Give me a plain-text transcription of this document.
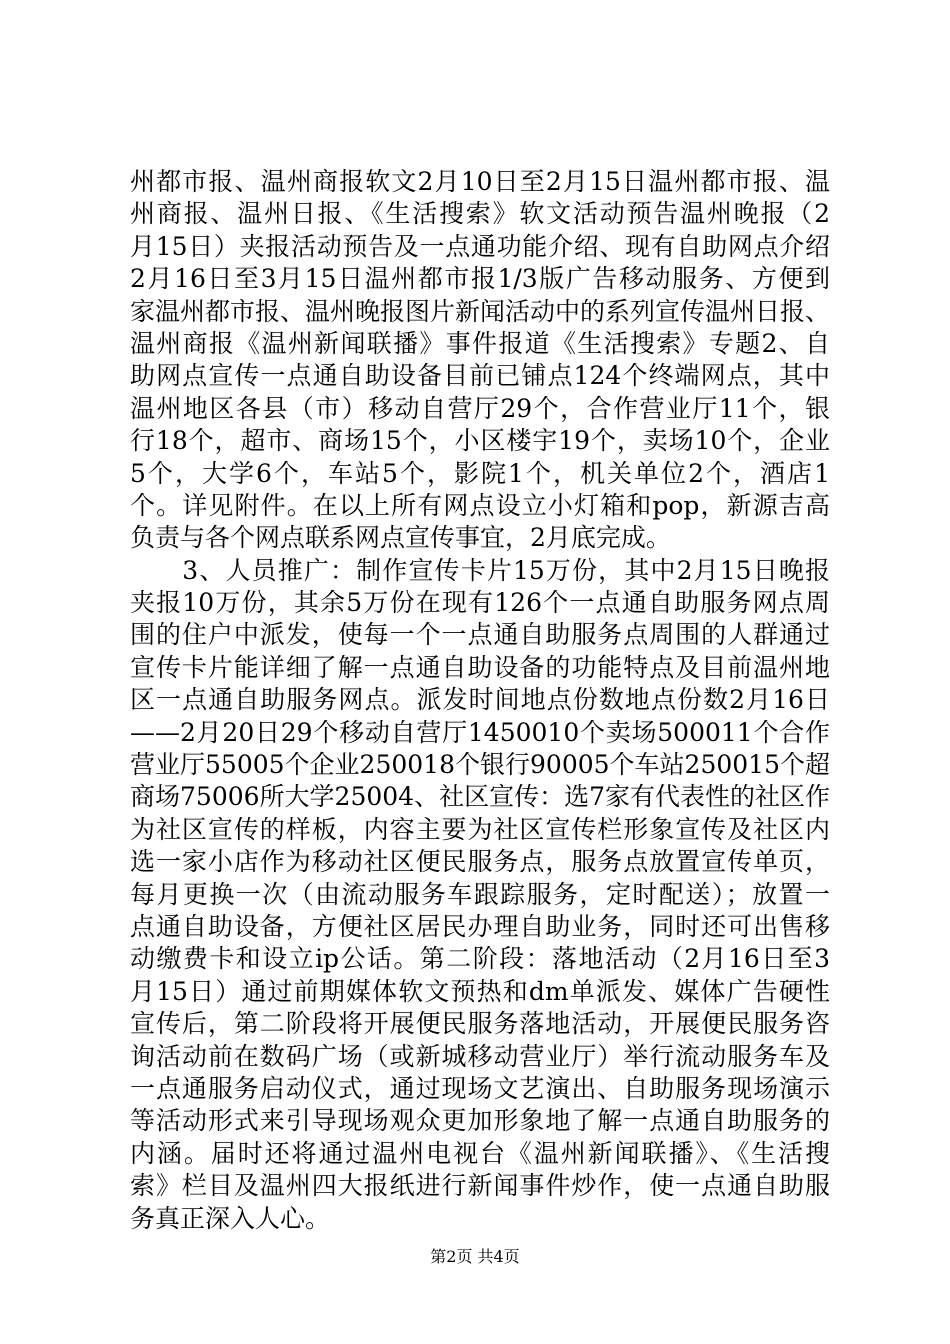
州都市报、温州商报软文2月10日至2月15日温州都市报、温
州商报、温州日报、《生活搜索》软文活动预告温州晚报（2
月15日）夹报活动预告及一点通功能介绍、现有自助网点介绍
2月16日至3月15日温州都市报1/3版广告移动服务、方便到
家温州都市报、温州晚报图片新闻活动中的系列宣传温州日报、
温州商报《温州新闻联播》事件报道《生活搜索》专题2、自
助网点宣传一点通自助设备目前已铺点124个终端网点，其中
温州地区各县（市）移动自营厅29个，合作营业厅11个，银
行18个，超市、商场15个，小区楼宇19个，卖场10个，企业
5个，大学6个，车站5个，影院1个，机关单位2个，酒店1
个。详见附件。在以上所有网点设立小灯箱和pop，新源吉高
负责与各个网点联系网点宣传事宜，2月底完成。
　　3、人员推广：制作宣传卡片15万份，其中2月15日晚报
夹报10万份，其余5万份在现有126个一点通自助服务网点周
围的住户中派发，使每一个一点通自助服务点周围的人群通过
宣传卡片能详细了解一点通自助设备的功能特点及目前温州地
区一点通自助服务网点。派发时间地点份数地点份数2月16日
——2月20日29个移动自营厅1450010个卖场500011个合作
营业厅55005个企业250018个银行90005个车站250015个超
商场75006所大学25004、社区宣传：选7家有代表性的社区作
为社区宣传的样板，内容主要为社区宣传栏形象宣传及社区内
选一家小店作为移动社区便民服务点，服务点放置宣传单页，
每月更换一次（由流动服务车跟踪服务，定时配送）；放置一
点通自助设备，方便社区居民办理自助业务，同时还可出售移
动缴费卡和设立ip公话。第二阶段：落地活动（2月16日至3
月15日）通过前期媒体软文预热和dm单派发、媒体广告硬性
宣传后，第二阶段将开展便民服务落地活动，开展便民服务咨
询活动前在数码广场（或新城移动营业厅）举行流动服务车及
一点通服务启动仪式，通过现场文艺演出、自助服务现场演示
等活动形式来引导现场观众更加形象地了解一点通自助服务的
内涵。届时还将通过温州电视台《温州新闻联播》、《生活搜
索》栏目及温州四大报纸进行新闻事件炒作，使一点通自助服
务真正深入人心。
第2页 共4页
